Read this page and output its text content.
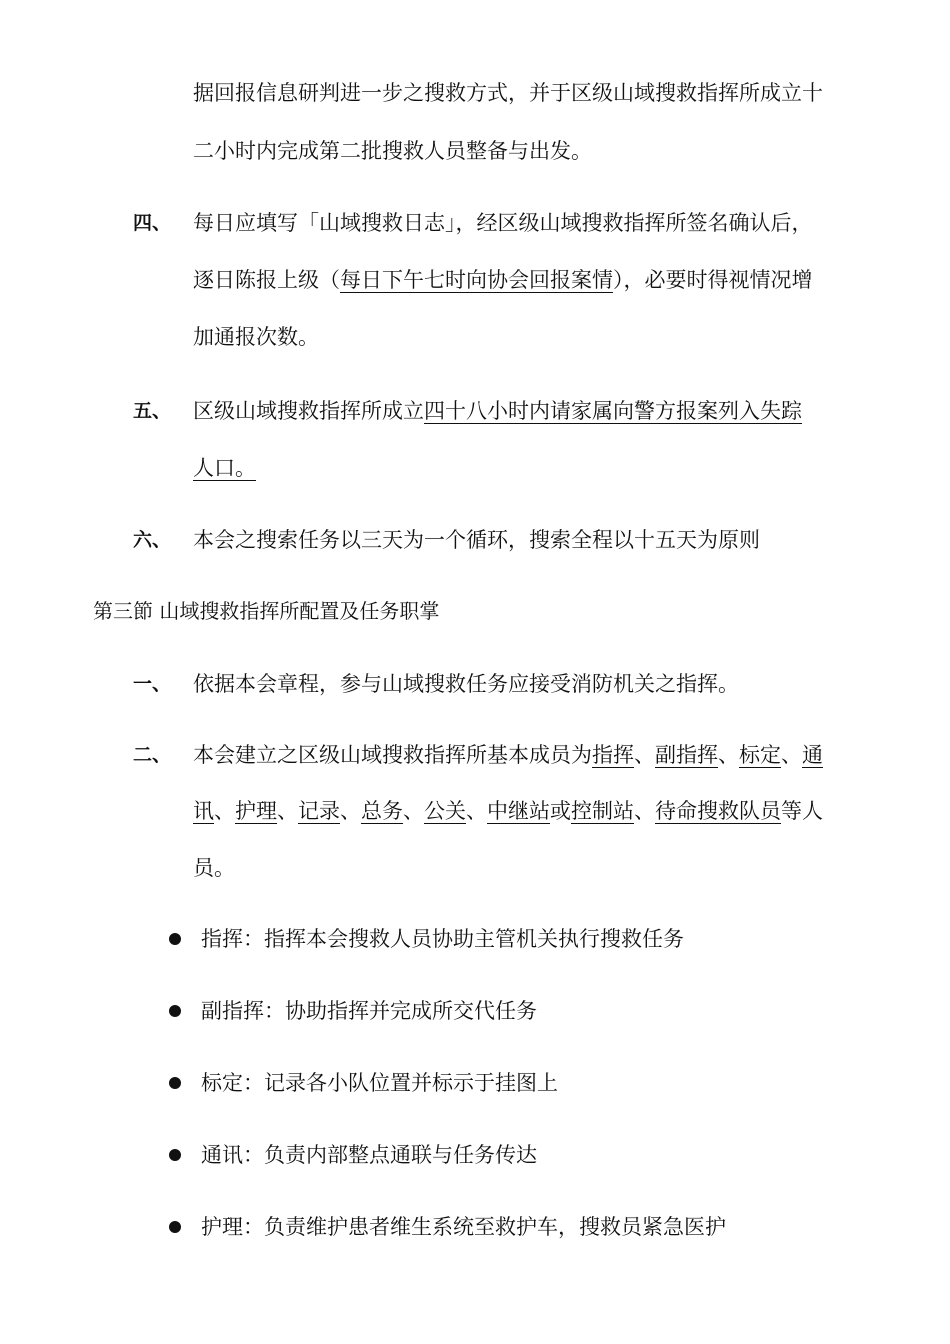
据回报信息研判进一步之搜救方式，并于区级山域搜救指挥所成立十
二小时内完成第二批搜救人员整备与出发。
四、 每日应填写「山域搜救日志」，经区级山域搜救指挥所签名确认后，
逐日陈报上级（每日下午七时向协会回报案情），必要时得视情况增
加通报次数。
五、 区级山域搜救指挥所成立四十八小时内请家属向警方报案列入失踪
人口。
六、 本会之搜索任务以三天为一个循环，搜索全程以十五天为原则
第三節 山域搜救指挥所配置及任务职掌
一、 依据本会章程，参与山域搜救任务应接受消防机关之指挥。
二、 本会建立之区级山域搜救指挥所基本成员为指挥、副指挥、标定、通
讯、护理、记录、总务、公关、中继站或控制站、待命搜救队员等人
员。
指挥：指挥本会搜救人员协助主管机关执行搜救任务
副指挥：协助指挥并完成所交代任务
标定：记录各小队位置并标示于挂图上
通讯：负责内部整点通联与任务传达
护理：负责维护患者维生系统至救护车，搜救员紧急医护
